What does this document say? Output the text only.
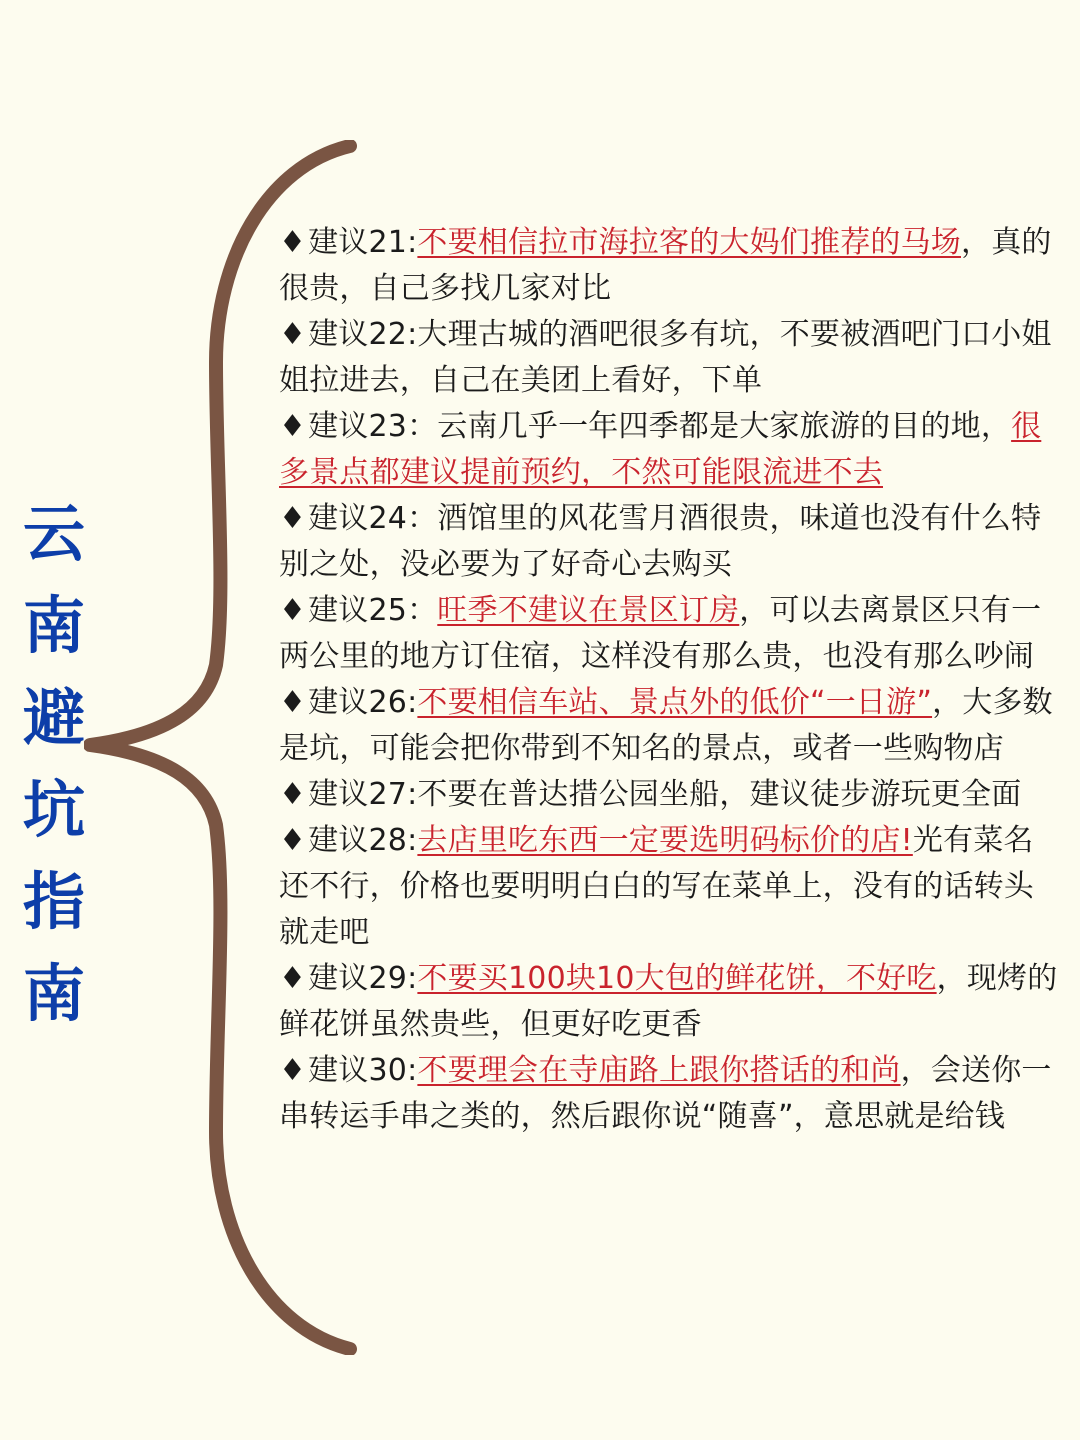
云
南
避
坑
指
南

♦建议21:不要相信拉市海拉客的大妈们推荐的马场，真的很贵，自己多找几家对比

♦建议22:大理古城的酒吧很多有坑，不要被酒吧门口小姐姐拉进去，自己在美团上看好，下单

♦建议23：云南几乎一年四季都是大家旅游的目的地，很多景点都建议提前预约，不然可能限流进不去

♦建议24：酒馆里的风花雪月酒很贵，味道也没有什么特别之处，没必要为了好奇心去购买

♦建议25：旺季不建议在景区订房，可以去离景区只有一两公里的地方订住宿，这样没有那么贵，也没有那么吵闹

♦建议26:不要相信车站、景点外的低价“一日游”，大多数是坑，可能会把你带到不知名的景点，或者一些购物店

♦建议27:不要在普达措公园坐船，建议徒步游玩更全面

♦建议28:去店里吃东西一定要选明码标价的店!光有菜名还不行，价格也要明明白白的写在菜单上，没有的话转头就走吧

♦建议29:不要买100块10大包的鲜花饼，不好吃，现烤的鲜花饼虽然贵些，但更好吃更香

♦建议30:不要理会在寺庙路上跟你搭话的和尚，会送你一串转运手串之类的，然后跟你说“随喜”，意思就是给钱
